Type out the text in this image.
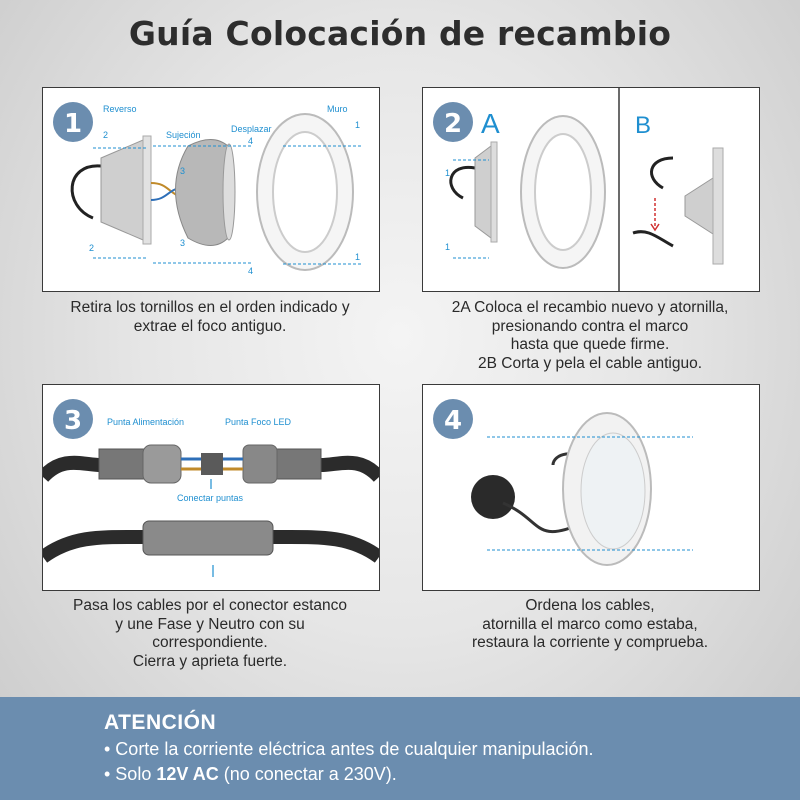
Guía Colocación de recambio
1 Reverso	Muro
Sujeción
Desplazar
2
2
1
1
3
3
4
4
Retira los tornillos en el orden indicado y
extrae el foco antiguo.
2 A	B
1
1
2A Coloca el recambio nuevo y atornilla,
presionando contra el marco
hasta que quede firme.
2B Corta y pela el cable antiguo.
3	Punta Alimentación	Punta Foco LED
Conectar puntas
Pasa los cables por el conector estanco
y une Fase y Neutro con su
correspondiente.
Cierra y aprieta fuerte.
4
Ordena los cables,
atornilla el marco como estaba,
restaura la corriente y comprueba.
ATENCIÓN
• Corte la corriente eléctrica antes de cualquier manipulación.
• Solo 12V AC (no conectar a 230V).
